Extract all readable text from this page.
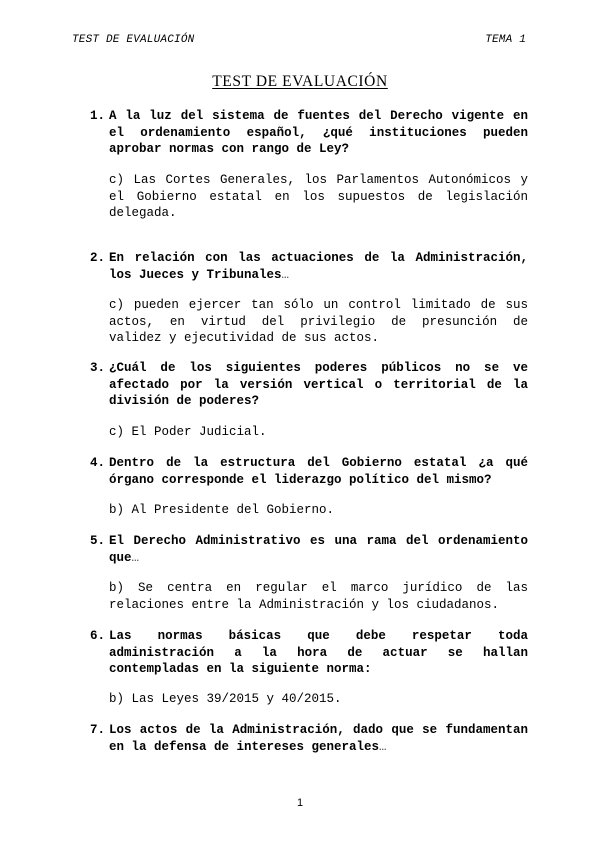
TEST DE EVALUACIÓN	TEMA 1
TEST DE EVALUACIÓN
1. A la luz del sistema de fuentes del Derecho vigente en el ordenamiento español, ¿qué instituciones pueden aprobar normas con rango de Ley?
c) Las Cortes Generales, los Parlamentos Autonómicos y el Gobierno estatal en los supuestos de legislación delegada.
2. En relación con las actuaciones de la Administración, los Jueces y Tribunales…
c) pueden ejercer tan sólo un control limitado de sus actos, en virtud del privilegio de presunción de validez y ejecutividad de sus actos.
3. ¿Cuál de los siguientes poderes públicos no se ve afectado por la versión vertical o territorial de la división de poderes?
c) El Poder Judicial.
4. Dentro de la estructura del Gobierno estatal ¿a qué órgano corresponde el liderazgo político del mismo?
b) Al Presidente del Gobierno.
5. El Derecho Administrativo es una rama del ordenamiento que…
b) Se centra en regular el marco jurídico de las relaciones entre la Administración y los ciudadanos.
6. Las normas básicas que debe respetar toda administración a la hora de actuar se hallan contempladas en la siguiente norma:
b) Las Leyes 39/2015 y 40/2015.
7. Los actos de la Administración, dado que se fundamentan en la defensa de intereses generales…
1
